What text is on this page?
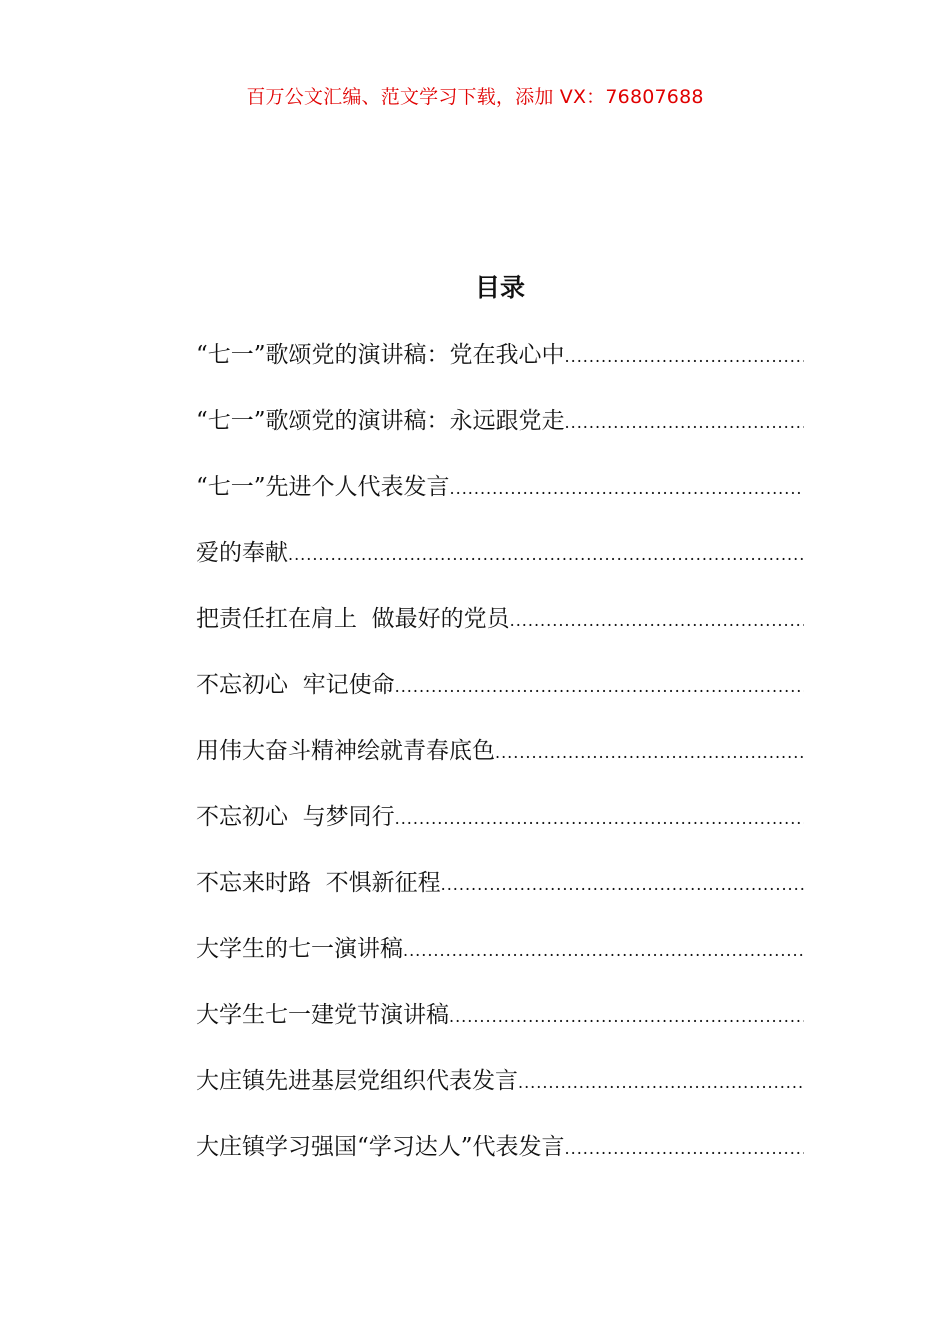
百万公文汇编、范文学习下载，添加 VX：76807688
目录
“七一”歌颂党的演讲稿：党在我心中
.....
“七一”歌颂党的演讲稿：永远跟党走
.....
“七一”先进个人代表发言
.....
爱的奉献
.....
把责任扛在肩上  做最好的党员
.....
不忘初心  牢记使命
.....
用伟大奋斗精神绘就青春底色
.....
不忘初心  与梦同行
.....
不忘来时路  不惧新征程
.....
大学生的七一演讲稿
.....
大学生七一建党节演讲稿
.....
大庄镇先进基层党组织代表发言
.....
大庄镇学习强国“学习达人”代表发言
.....
